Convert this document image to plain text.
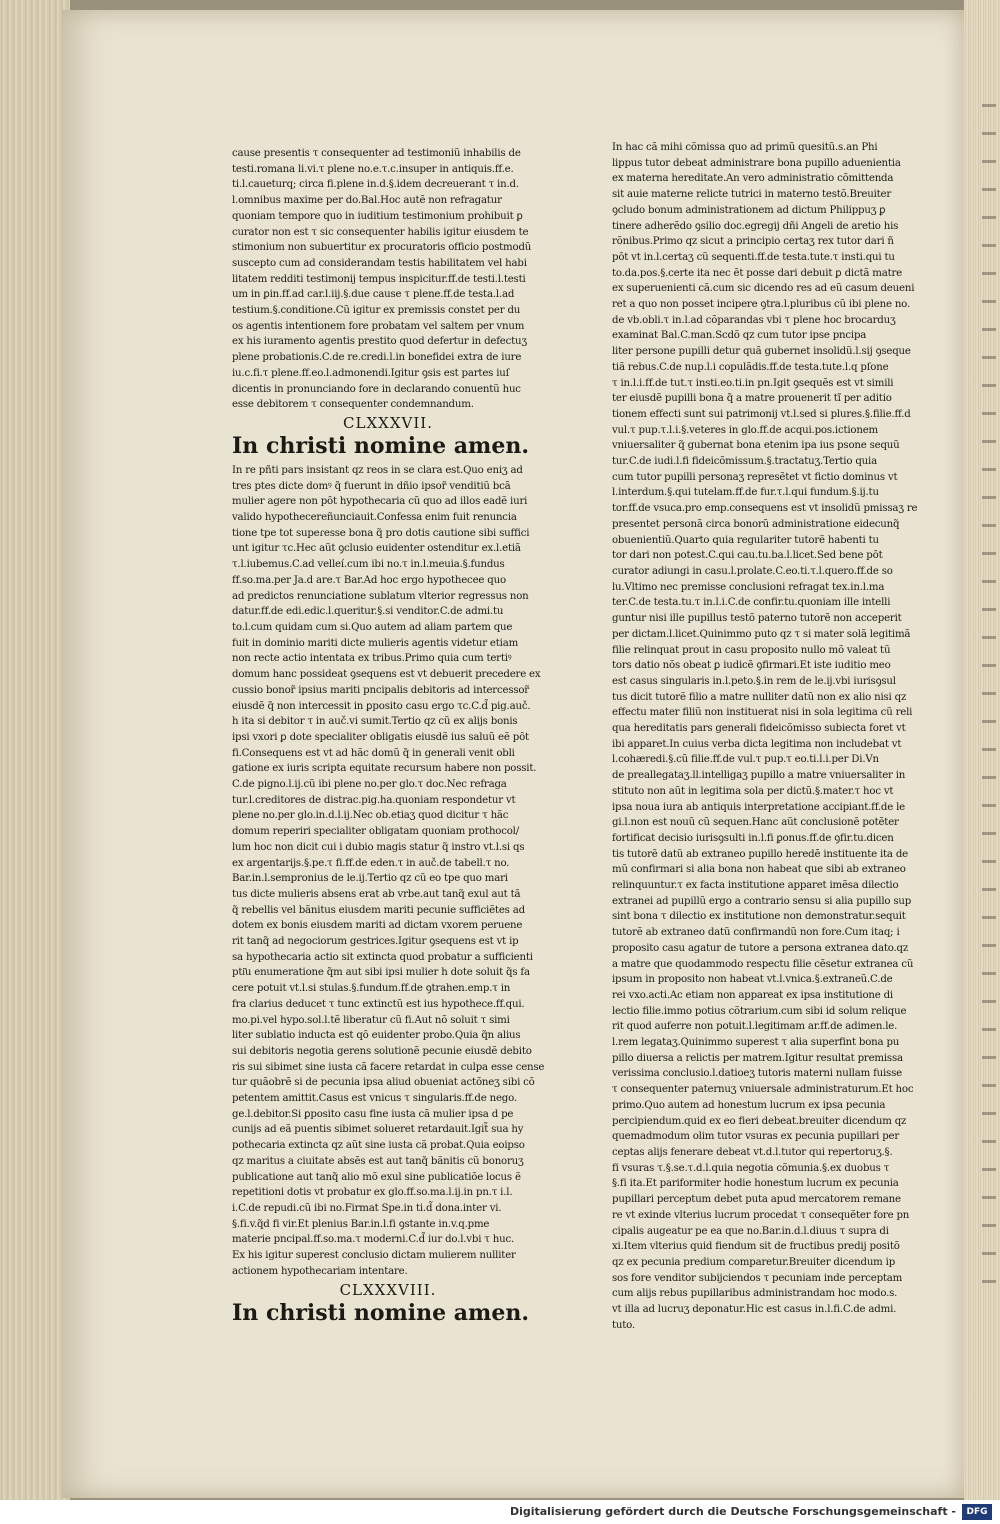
cause presentis τ consequenter ad testimoniũ inhabilis de
testi.romana li.vi.τ plene no.e.τ.c.insuper in antiquis.ff.e.
ti.l.caueturq; circa fi.plene in.d.§.idem decreuerant τ in.d.
l.omnibus maxime per do.Bal.Hoc autẽ non refragatur
quoniam tempore quo in iuditium testimonium prohibuit ꝑ
curator non est τ sic consequenter habilis igitur eiusdem te
stimonium non subuertitur ex procuratoris officio postmodũ
suscepto cum ad considerandam testis habilitatem vel habi
litatem redditi testimonij tempus inspicitur.ff.de testi.l.testi
um in ꝑin.ff.ad car.l.iij.§.due cause τ plene.ff.de testa.l.ad
testium.§.conditione.Cũ igitur ex premissis constet per du
os agentis intentionem fore probatam vel saltem per vnum
ex his iuramento agentis prestito quod defertur in defectuʒ
plene probationis.C.de re.credi.l.in bonefidei extra de iure
iu.c.fi.τ plene.ff.eo.l.admonendi.Igitur ꝯsis est partes iuſ
dicentis in pronunciando fore in declarando conuentũ huc
esse debitorem τ consequenter condemnandum.
CLXXXVII.
In christi nomine amen.
In re pñti pars insistant qz reos in se clara est.Quo eniʒ ad
tres ptes dicte domꝰ q̃ fuerunt in dñio ipsor̃ venditiũ bcã
mulier agere non pȏt hypothecaria cũ quo ad illos eadẽ iuri
valido hypothecereñunciauit.Confessa enim fuit renuncia
tione tpe tot supeɾesse bona q̃ pro dotis cautione sibi suffici
unt igitur τc.Hec aũt ꝯclusio euidenter ostenditur ex.l.etiã
τ.l.iubemus.C.ad velleí.cum ibi no.τ in.l.meuia.§.fundus
ff.so.ma.per Ja.d are.τ Bar.Ad hoc ergo hypothecee quo
ad predictos renunciatione sublatum vlterior regressus non
datur.ff.de edi.edic.l.queritur.§.si venditor.C.de admi.tu
to.l.cum quidam cum si.Quo autem ad aliam partem que
fuit in dominio mariti dicte mulieris agentis videtur etiam
non recte actio intentata ex tribus.Primo quia cum tertiꝰ
domum hanc possideat ꝯsequens est vt debuerit precedere ex
cussio bonor̃ ipsius mariti pncipalis debitoris ad intercessor̃
eiusdẽ q̃ non intercessit in ꝑposito casu ergo τc.C.d̃ pig.auč.
h ita si debitor τ in auč.vi sumit.Tertio qz cũ ex alijs bonis
ipsi vxori ꝑ dote specialiter obligatis eiusdẽ ius saluũ eẽ pȏt
fi.Consequens est vt ad hãc domũ q̃ in generali venit obli
gatione ex iuris scripta equitate recursum habere non possit.
C.de pigno.l.ij.cũ ibi plene no.per glo.τ doc.Nec refraga
tur.l.creditores de distrac.pig.ha.quoniam respondetur vt
plene no.per glo.in.d.l.ij.Nec ob.etiaʒ quod dicitur τ hãc
domum reperiri specialiter obligatam quoniam prothocol/
lum hoc non dicit cui i dubio magis statur q̃ instro vt.l.si qs
ex argentarijs.§.pe.τ fi.ff.de eden.τ in auč.de tabell.τ no.
Bar.in.l.sempronius de le.ij.Tertio qz cũ eo tpe quo mari
tus dicte mulieris absens erat ab vrbe.aut tanq̃ exul aut tã
q̃ rebellis vel bãnitus eiusdem mariti pecunie sufficiẽtes ad
dotem ex bonis eiusdem mariti ad dictam vxorem peruene
rit tanq̃ ad negociorum gestrices.Igitur ꝯsequens est vt ip
sa hypothecaria actio sit extincta quod probatur a sufficienti
pti͂u enumeratione q̃m aut sibi ipsi mulier h dote soluit q̃s fa
cere potuit vt.l.si stulas.§.fundum.ff.de ꝯtrahen.emp.τ in
fra clarius deducet τ tunc extinctũ est ius hypothece.ff.qui.
mo.pi.vel hypo.sol.l.tẽ liberatur cũ fi.Aut nõ soluit τ simi
liter sublatio inducta est qȏ euidenter probo.Quia q̃n alius
sui debitoris negotia gerens solutionẽ pecunie eiusdẽ debito
ris sui sibimet sine iusta cã facere retardat in culpa esse cense
tur quãobrẽ si de pecunia ipsa aliud obueniat actõneʒ sibi cõ
petentem amittit.Casus est vnicus τ singularis.ff.de nego.
ge.l.debitor.Si ꝑposito casu fine iusta cã mulier ipsa d pe
cunijs ad eã puentis sibimet solueret retardauit.Igit̃ sua hy
pothecaria extincta qz aũt sine iusta cã probat.Quia eoipso
qz maritus a ciuitate absẽs est aut tanq̃ bãnitis cũ bonoruʒ
publicatione aut tanq̃ alio mõ exul sine publicatiõe locus ẽ
repetitioni dotis vt probatur ex glo.ff.so.ma.l.ij.in pn.τ i.l.
i.C.de repudi.cũ ibi no.Firmat Spe.in ti.d̃ dona.inter vi.
§.fi.v.q̃d fi vir.Et plenius Bar.in.l.fi ꝯstante in.v.q.pme
materie pncipal.ff.so.ma.τ moderni.C.d̃ iur do.l.vbi τ huc.
Ex his igitur superest conclusio dictam mulierem nulliter
actionem hypothecariam intentare.
CLXXXVIII.
In christi nomine amen.
In hac cã mihi cõmissa quo ad primũ quesitũ.s.an Phi
lippus tutor debeat administrare bona pupillo aduenientia
ex materna hereditate.An vero administratio cõmittenda
sit auie materne relicte tutrici in materno testõ.Breuiter
ꝯcludo bonum administrationem ad dictum Philippuʒ ꝑ
tinere adherẽdo ꝯsilio doc.egregij dñi Angeli de aretio his
rõnibus.Primo qz sicut a principio certaʒ rex tutor dari ñ
pȏt vt in.l.certaʒ cũ sequenti.ff.de testa.tute.τ insti.qui tu
to.da.pos.§.certe ita nec ẽt posse dari debuit ꝑ dictã matre
ex superuenienti cã.cum sic dicendo res ad eũ casum deueni
ret a quo non posset incipere ꝯtra.l.pluribus cũ ibi plene no.
de vb.obli.τ in.l.ad cõparandas vbi τ plene hoc brocarduʒ
examinat Bal.C.man.Scdõ qz cum tutor ipse pncipa
liter persone pupilli detur quã gubernet insolidũ.l.sij ꝯseque
tiã rebus.C.de nup.l.i copulãdis.ff.de testa.tute.l.q pſone
τ in.l.i.ff.de tut.τ insti.eo.ti.in pn.Igit ꝯsequẽs est vt simili
ter eiusdẽ pupilli bona q̃ a matre prouenerit tĩ per aditio
tionem effecti sunt sui patrimonij vt.l.sed si plures.§.filie.ff.d
vul.τ pup.τ.l.i.§.veteres in glo.ff.de acqui.pos.ictionem
vniuersaliter q̃ gubernat bona etenim ipa ius psone sequũ
tur.C.de iudi.l.fi fideicõmissum.§.tractatuʒ.Tertio quia
cum tutor pupilli personaʒ represẽtet vt fictio dominus vt
l.interdum.§.qui tutelam.ff.de fur.τ.l.qui fundum.§.ij.tu
tor.ff.de vsuca.pro emp.consequens est vt insolidũ pmissaʒ re
presentet personã circa bonorũ administratione eidecunq̃
obuenientiũ.Quarto quia regulariter tutorẽ habenti tu
tor dari non potest.C.qui cau.tu.ba.l.licet.Sed bene pȏt
curator adiungi in casu.l.prolate.C.eo.ti.τ.l.quero.ff.de so
lu.Vltimo nec premisse conclusioni refragat tex.in.l.ma
ter.C.de testa.tu.τ in.l.i.C.de confir.tu.quoniam ille intelli
guntur nisi ille pupillus testõ paterno tutorẽ non acceperit
per dictam.l.licet.Quinimmo puto qz τ si mater solã legitimã
filie relinquat prout in casu proposito nullo mõ valeat tũ
tors datio nõs obeat ꝑ iudicẽ ꝯfirmari.Et iste iuditio meo
est casus singularis in.l.peto.§.in rem de le.ij.vbi iurisꝯsul
tus dicit tutorẽ filio a matre nulliter datũ non ex alio nisi qz
effectu mater filiũ non instituerat nisi in sola legitima cũ reli
qua hereditatis pars generali fideicõmisso subiecta foret vt
ibi apparet.In cuius verba dicta legitima non includebat vt
l.cohæredi.§.cũ filie.ff.de vul.τ pup.τ eo.ti.l.i.per Di.Vn
de preallegataʒ.ll.intelligaʒ pupillo a matre vniuersaliter in
stituto non aũt in legitima sola per dictũ.§.mater.τ hoc vt
ipsa noua iura ab antiquis interpretatione accipiant.ff.de le
gi.l.non est nouũ cũ sequen.Hanc aũt conclusionẽ potẽter
fortificat decisio iurisꝯsulti in.l.fi ꝑonus.ff.de ꝯfir.tu.dicen
tis tutorẽ datũ ab extraneo pupillo heredẽ instituente ita de
mũ confirmari si alia bona non habeat que sibi ab extraneo
relinquuntur.τ ex facta institutione apparet imẽsa dilectio
extranei ad pupillũ ergo a contrario sensu si alia pupillo sup
sint bona τ dilectio ex institutione non demonstratur.sequit
tutorẽ ab extraneo datũ confirmandũ non fore.Cum itaq; i
proposito casu agatur de tutore a persona extranea dato.qz
a matre que quodammodo respectu filie cẽsetur extranea cũ
ipsum in proposito non habeat vt.l.vnica.§.extraneũ.C.de
rei vxo.acti.Ac etiam non appareat ex ipsa institutione di
lectio filie.immo potius cõtrarium.cum sibi id solum relique
rit quod auferre non potuit.l.legitimam ar.ff.de adimen.le.
l.rem legataʒ.Quinimmo superest τ alia superfint bona pu
pillo diuersa a relictis per matrem.Igitur resultat premissa
verissima conclusio.l.datioeʒ tutoris materni nullam fuisse
τ consequenter paternuʒ vniuersale administraturum.Et hoc
primo.Quo autem ad honestum lucrum ex ipsa pecunia
percipiendum.quid ex eo fieri debeat.breuiter dicendum qz
quemadmodum olim tutor vsuras ex pecunia pupillari per
ceptas alijs fenerare debeat vt.d.l.tutor qui repertoruʒ.§.
fi vsuras τ.§.se.τ.d.l.quia negotia cõmunia.§.ex duobus τ
§.fi ita.Et pariformiter hodie honestum lucrum ex pecunia
pupillari perceptum debet puta apud mercatorem remane
re vt exinde vlterius lucrum procedat τ consequẽter fore pn
cipalis augeatur pe ea que no.Bar.in.d.l.diuus τ supra di
xi.Item vlterius quid fiendum sit de fructibus predij positõ
qz ex pecunia predium comparetur.Breuiter dicendum ip
sos fore venditor subijciendos τ pecuniam inde perceptam
cum alijs rebus pupillaribus administrandam hoc modo.s.
vt illa ad lucruʒ deponatur.Hic est casus in.l.fi.C.de admi.
tuto.
Digitalisierung gefördert durch die Deutsche Forschungsgemeinschaft -	DFG
